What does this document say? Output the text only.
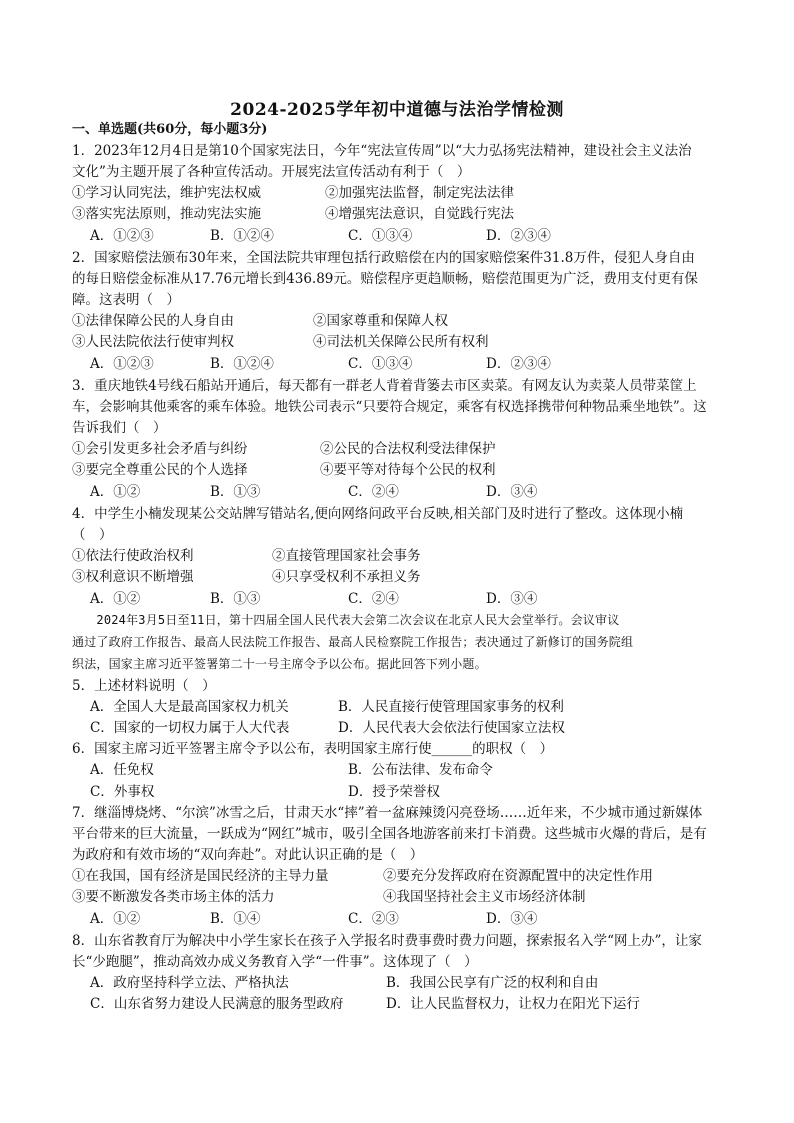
2024-2025学年初中道德与法治学情检测
一、单选题(共60分，每小题3分)
1．2023年12月4日是第10个国家宪法日，今年“宪法宣传周”以“大力弘扬宪法精神，建设社会主义法治
文化”为主题开展了各种宣传活动。开展宪法宣传活动有利于（　）
①学习认同宪法，维护宪法权威	②加强宪法监督，制定宪法法律
③落实宪法原则，推动宪法实施	④增强宪法意识，自觉践行宪法
A．①②③	B．①②④	C．①③④	D．②③④
2．国家赔偿法颁布30年来，全国法院共审理包括行政赔偿在内的国家赔偿案件31.8万件，侵犯人身自由
的每日赔偿金标准从17.76元增长到436.89元。赔偿程序更趋顺畅，赔偿范围更为广泛，费用支付更有保
障。这表明（　）
①法律保障公民的人身自由	②国家尊重和保障人权
③人民法院依法行使审判权	④司法机关保障公民所有权利
A．①②③	B．①②④	C．①③④	D．②③④
3．重庆地铁4号线石船站开通后，每天都有一群老人背着背篓去市区卖菜。有网友认为卖菜人员带菜筐上
车，会影响其他乘客的乘车体验。地铁公司表示“只要符合规定，乘客有权选择携带何种物品乘坐地铁”。这
告诉我们（　）
①会引发更多社会矛盾与纠纷	②公民的合法权利受法律保护
③要完全尊重公民的个人选择	④要平等对待每个公民的权利
A．①②	B．①③	C．②④	D．③④
4．中学生小楠发现某公交站牌写错站名,便向网络问政平台反映,相关部门及时进行了整改。这体现小楠
（　）
①依法行使政治权利	②直接管理国家社会事务
③权利意识不断增强	④只享受权利不承担义务
A．①②	B．①③	C．②④	D．③④
　　2024年3月5日至11日，第十四届全国人民代表大会第二次会议在北京人民大会堂举行。会议审议
通过了政府工作报告、最高人民法院工作报告、最高人民检察院工作报告；表决通过了新修订的国务院组
织法，国家主席习近平签署第二十一号主席令予以公布。据此回答下列小题。
5．上述材料说明（　）
A．全国人大是最高国家权力机关	B．人民直接行使管理国家事务的权利
C．国家的一切权力属于人大代表	D．人民代表大会依法行使国家立法权
6．国家主席习近平签署主席令予以公布，表明国家主席行使______的职权（　）
A．任免权	B．公布法律、发布命令
C．外事权	D．授予荣誉权
7．继淄博烧烤、“尔滨”冰雪之后，甘肃天水“摔”着一盆麻辣烫闪亮登场……近年来，不少城市通过新媒体
平台带来的巨大流量，一跃成为“网红”城市，吸引全国各地游客前来打卡消费。这些城市火爆的背后，是有
为政府和有效市场的“双向奔赴”。对此认识正确的是（　）
①在我国，国有经济是国民经济的主导力量	②要充分发挥政府在资源配置中的决定性作用
③要不断激发各类市场主体的活力	④我国坚持社会主义市场经济体制
A．①②	B．①④	C．②③	D．③④
8．山东省教育厅为解决中小学生家长在孩子入学报名时费事费时费力问题，探索报名入学“网上办”，让家
长“少跑腿”，推动高效办成义务教育入学“一件事”。这体现了（　）
A．政府坚持科学立法、严格执法	B．我国公民享有广泛的权利和自由
C．山东省努力建设人民满意的服务型政府	D．让人民监督权力，让权力在阳光下运行
